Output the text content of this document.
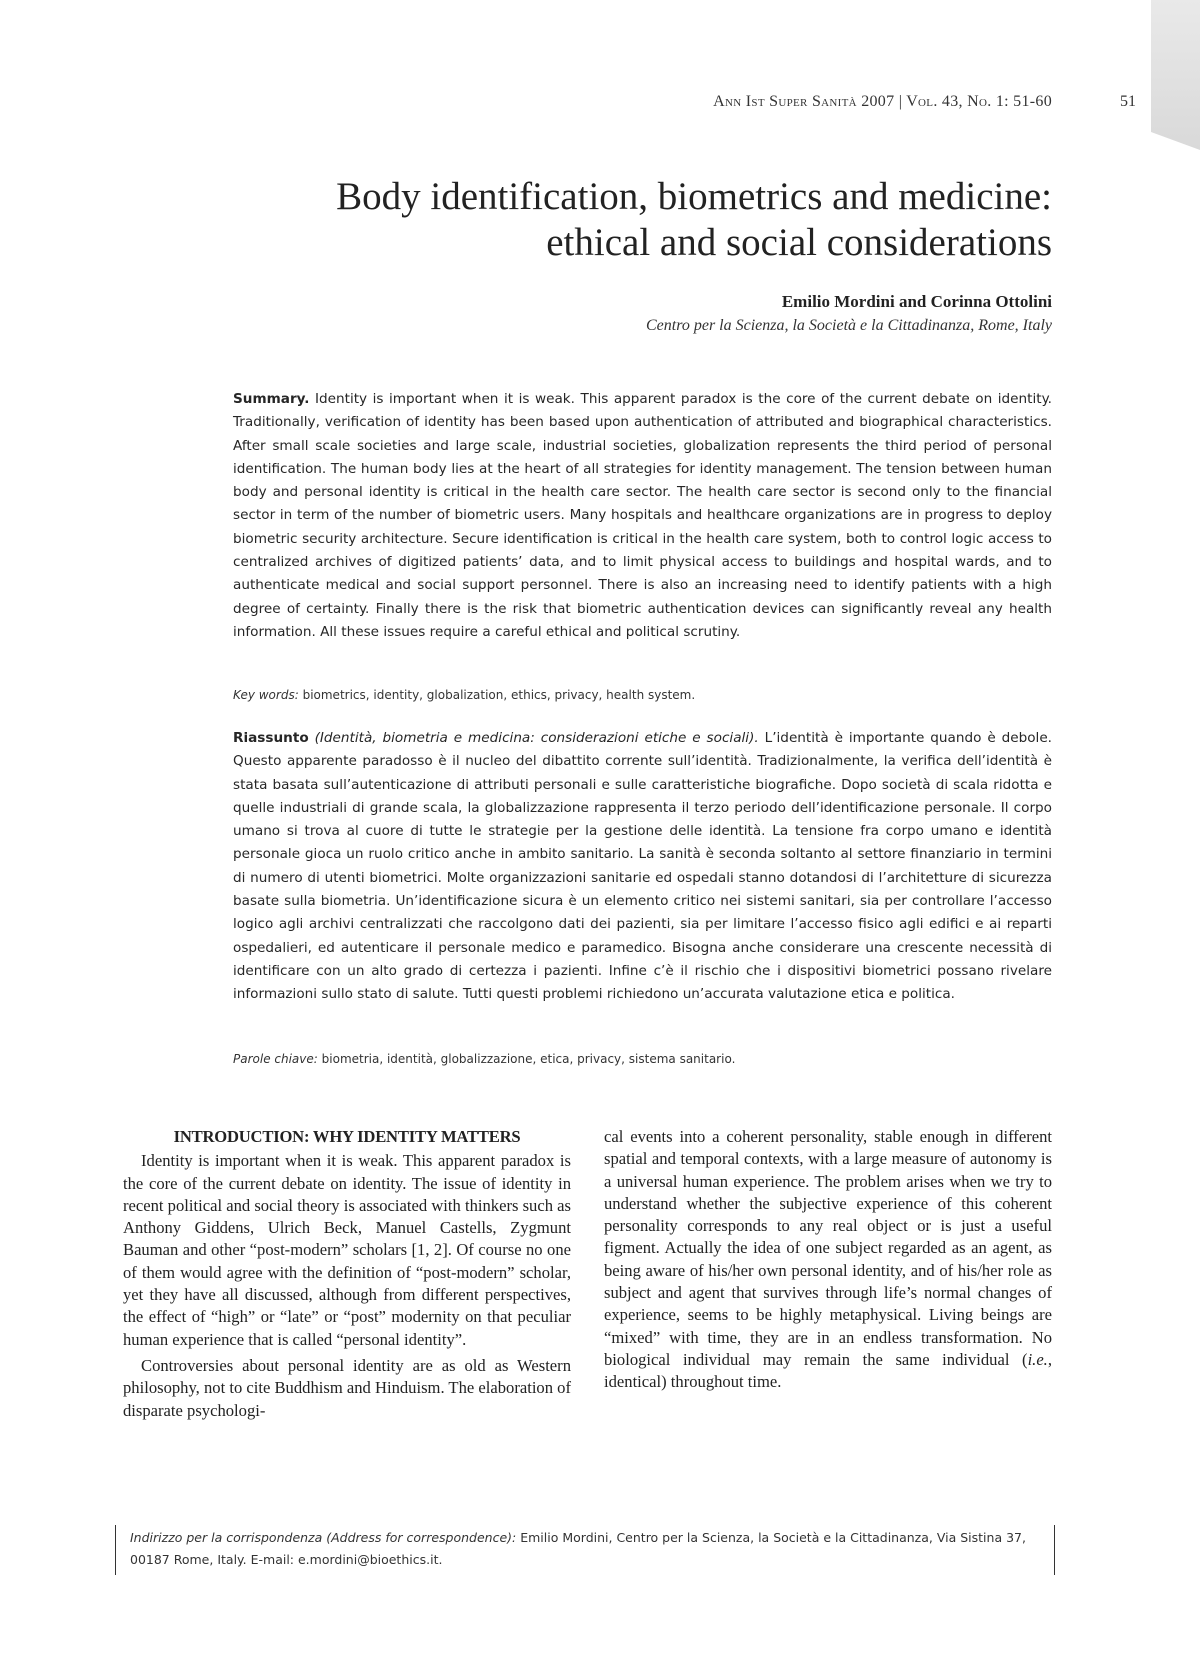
Ann Ist Super Sanità 2007 | Vol. 43, No. 1: 51-60	51
Body identification, biometrics and medicine:
ethical and social considerations
Emilio Mordini and Corinna Ottolini
Centro per la Scienza, la Società e la Cittadinanza, Rome, Italy
Summary. Identity is important when it is weak. This apparent paradox is the core of the current debate on identity. Traditionally, verification of identity has been based upon authentication of attributed and biographical characteristics. After small scale societies and large scale, industrial societies, globalization represents the third period of personal identification. The human body lies at the heart of all strategies for identity management. The tension between human body and personal identity is critical in the health care sector. The health care sector is second only to the financial sector in term of the number of biometric users. Many hospitals and healthcare organizations are in progress to deploy biometric security architecture. Secure identification is critical in the health care system, both to control logic access to centralized archives of digitized patients’ data, and to limit physical access to buildings and hospital wards, and to authenticate medical and social support personnel. There is also an increasing need to identify patients with a high degree of certainty. Finally there is the risk that biometric authentication devices can significantly reveal any health information. All these issues require a careful ethical and political scrutiny.
Key words: biometrics, identity, globalization, ethics, privacy, health system.
Riassunto (Identità, biometria e medicina: considerazioni etiche e sociali). L’identità è importante quando è debole. Questo apparente paradosso è il nucleo del dibattito corrente sull’identità. Tradizionalmente, la verifica dell’identità è stata basata sull’autenticazione di attributi personali e sulle caratteristiche biografiche. Dopo società di scala ridotta e quelle industriali di grande scala, la globalizzazione rappresenta il terzo periodo dell’identificazione personale. Il corpo umano si trova al cuore di tutte le strategie per la gestione delle identità. La tensione fra corpo umano e identità personale gioca un ruolo critico anche in ambito sanitario. La sanità è seconda soltanto al settore finanziario in termini di numero di utenti biometrici. Molte organizzazioni sanitarie ed ospedali stanno dotandosi di l’architetture di sicurezza basate sulla biometria. Un’identificazione sicura è un elemento critico nei sistemi sanitari, sia per controllare l’accesso logico agli archivi centralizzati che raccolgono dati dei pazienti, sia per limitare l’accesso fisico agli edifici e ai reparti ospedalieri, ed autenticare il personale medico e paramedico. Bisogna anche considerare una crescente necessità di identificare con un alto grado di certezza i pazienti. Infine c’è il rischio che i dispositivi biometrici possano rivelare informazioni sullo stato di salute. Tutti questi problemi richiedono un’accurata valutazione etica e politica.
Parole chiave: biometria, identità, globalizzazione, etica, privacy, sistema sanitario.
INTRODUCTION: WHY IDENTITY MATTERS

Identity is important when it is weak. This apparent paradox is the core of the current debate on identity. The issue of identity in recent political and social theory is associated with thinkers such as Anthony Giddens, Ulrich Beck, Manuel Castells, Zygmunt Bauman and other “post-modern” scholars [1, 2]. Of course no one of them would agree with the definition of “post-modern” scholar, yet they have all discussed, although from different perspectives, the effect of “high” or “late” or “post” modernity on that peculiar human experience that is called “personal identity”.

Controversies about personal identity are as old as Western philosophy, not to cite Buddhism and Hinduism. The elaboration of disparate psychologi-

cal events into a coherent personality, stable enough in different spatial and temporal contexts, with a large measure of autonomy is a universal human experience. The problem arises when we try to understand whether the subjective experience of this coherent personality corresponds to any real object or is just a useful figment. Actually the idea of one subject regarded as an agent, as being aware of his/her own personal identity, and of his/her role as subject and agent that survives through life’s normal changes of experience, seems to be highly metaphysical. Living beings are “mixed” with time, they are in an endless transformation. No biological individual may remain the same individual (i.e., identical) throughout time.

Indirizzo per la corrispondenza (Address for correspondence): Emilio Mordini, Centro per la Scienza, la Società e la Cittadinanza, Via Sistina 37, 00187 Rome, Italy. E-mail: e.mordini@bioethics.it.
